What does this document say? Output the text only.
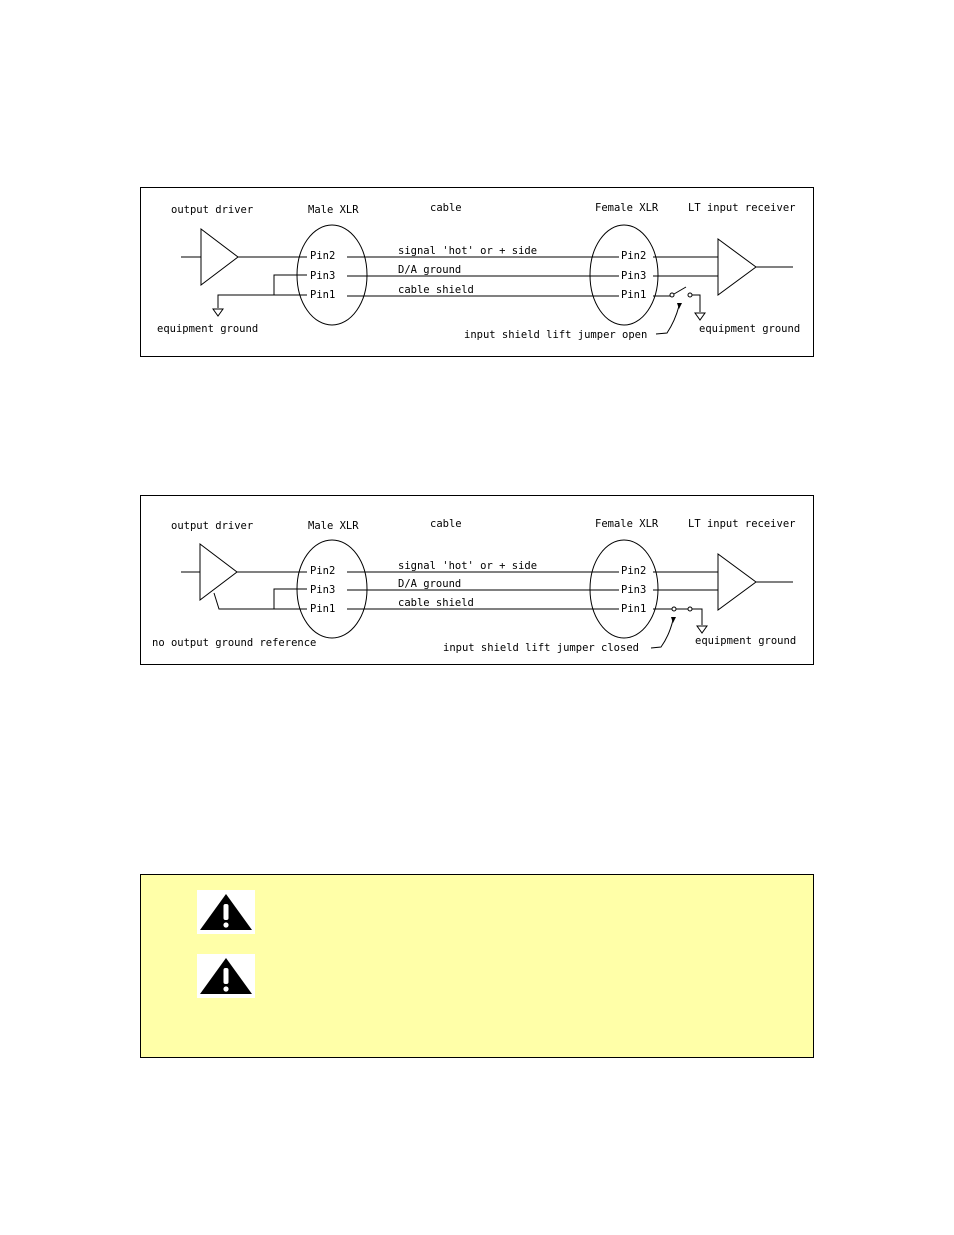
output driver	Male XLR	cable	Female XLR	LT input receiver
Pin2
Pin3
Pin1
equipment ground
signal 'hot' or + side
D/A ground
cable shield
Pin2
Pin3
Pin1
input shield lift jumper open	equipment ground
output driver	Male XLR	cable	Female XLR	LT input receiver
Pin2
Pin3
Pin1
no output ground reference
signal 'hot' or + side
D/A ground
cable shield
Pin2
Pin3
Pin1
input shield lift jumper closed
equipment ground
